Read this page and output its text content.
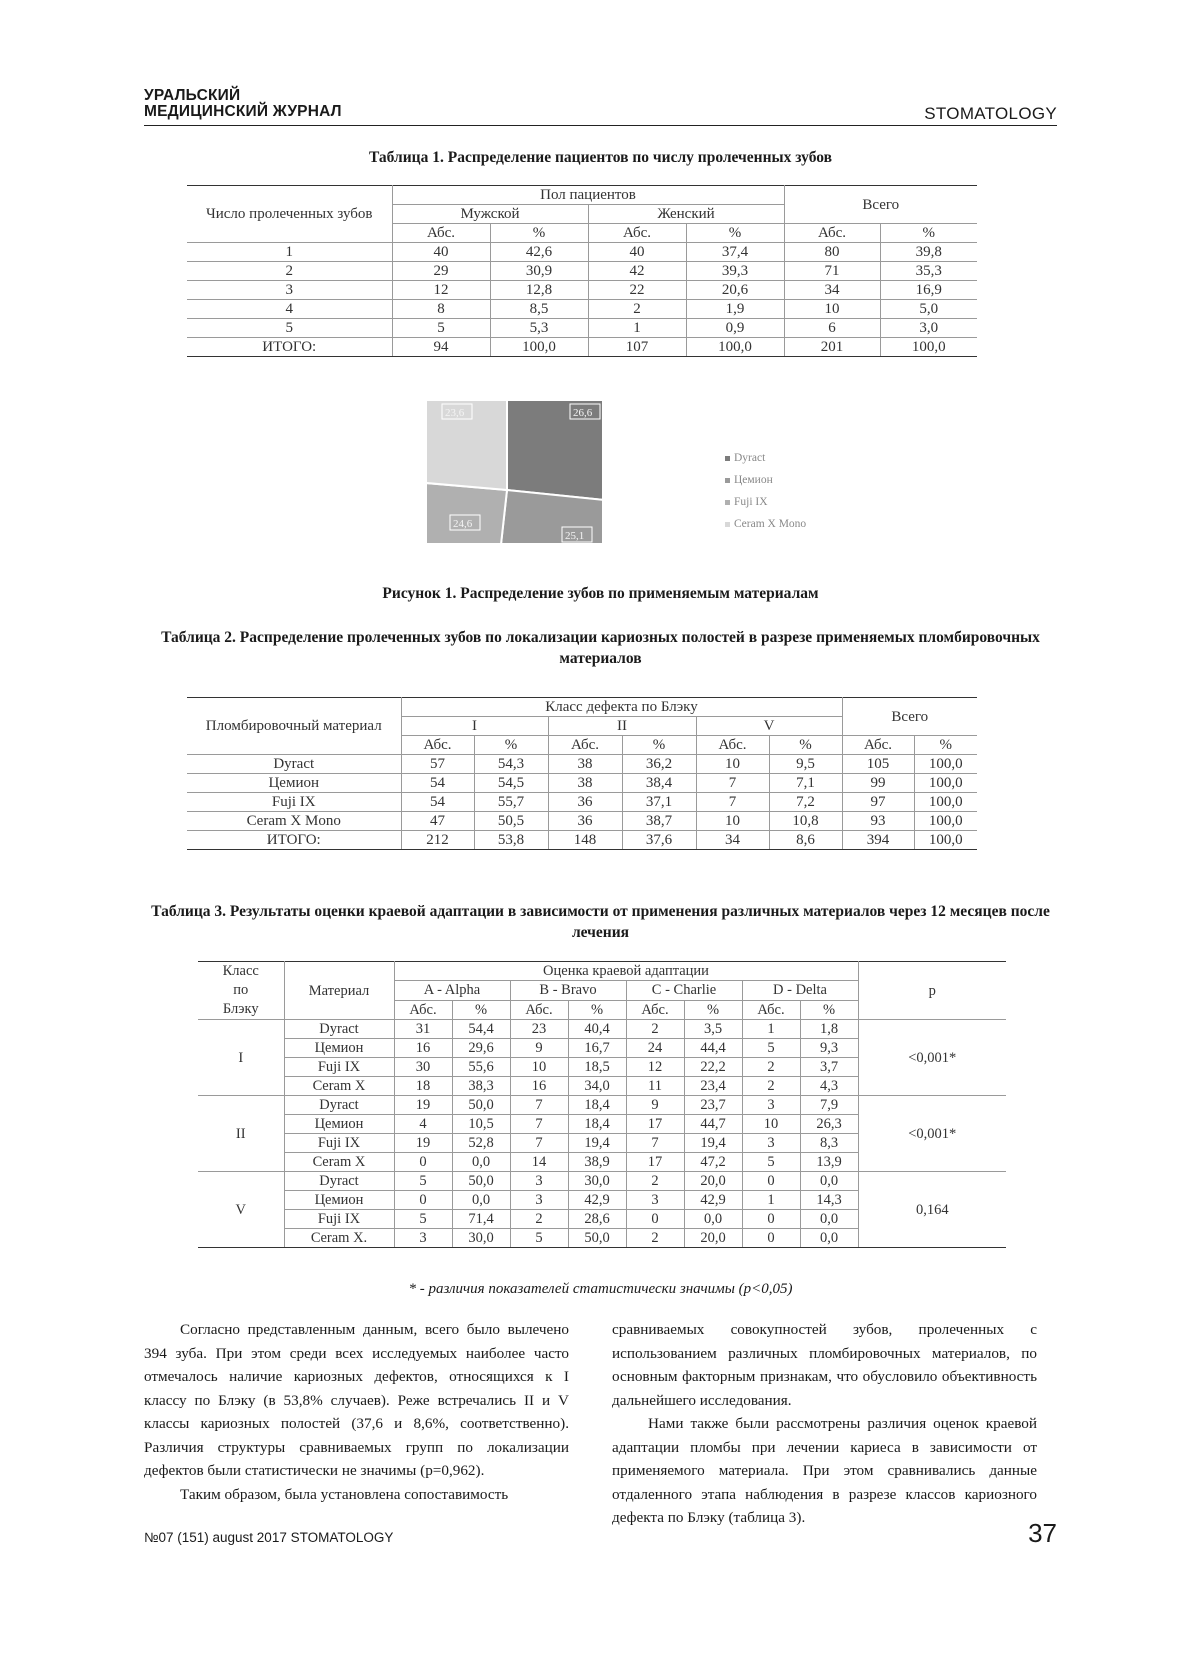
УРАЛЬСКИЙ
МЕДИЦИНСКИЙ ЖУРНАЛ	STOMATOLOGY
Таблица 1. Распределение пациентов по числу пролеченных зубов
Число пролеченных зубов	Пол пациентов				Всего	
	Мужской		Женский			
	Абс.	%	Абс.	%	Абс.	%
1	40	42,6	40	37,4	80	39,8
2	29	30,9	42	39,3	71	35,3
3	12	12,8	22	20,6	34	16,9
4	8	8,5	2	1,9	10	5,0
5	5	5,3	1	0,9	6	3,0
ИТОГО:	94	100,0	107	100,0	201	100,0
26,6
25,1
24,6
23,6
Dyract
Цемион
Fuji IX
Ceram X Mono
Рисунок 1. Распределение зубов по применяемым материалам
Таблица 2. Распределение пролеченных зубов по локализации кариозных полостей в разрезе применяемых пломбировочных материалов
Пломбировочный материал	Класс дефекта по Блэку						Всего	
	I		II		V			
	Абс.	%	Абс.	%	Абс.	%	Абс.	%
Dyract	57	54,3	38	36,2	10	9,5	105	100,0
Цемион	54	54,5	38	38,4	7	7,1	99	100,0
Fuji IX	54	55,7	36	37,1	7	7,2	97	100,0
Ceram X Mono	47	50,5	36	38,7	10	10,8	93	100,0
ИТОГО:	212	53,8	148	37,6	34	8,6	394	100,0
Таблица 3. Результаты оценки краевой адаптации в зависимости от применения различных материалов через 12 месяцев после лечения
Класс
по
Блэку	Материал	Оценка краевой адаптации								p
		A - Alpha		B - Bravo		C - Charlie		D - Delta		
		Абс.	%	Абс.	%	Абс.	%	Абс.	%	
I	Dyract	31	54,4	23	40,4	2	3,5	1	1,8	<0,001*
	Цемион	16	29,6	9	16,7	24	44,4	5	9,3	
	Fuji IX	30	55,6	10	18,5	12	22,2	2	3,7	
	Ceram X	18	38,3	16	34,0	11	23,4	2	4,3	
II	Dyract	19	50,0	7	18,4	9	23,7	3	7,9	<0,001*
	Цемион	4	10,5	7	18,4	17	44,7	10	26,3	
	Fuji IX	19	52,8	7	19,4	7	19,4	3	8,3	
	Ceram X	0	0,0	14	38,9	17	47,2	5	13,9	
V	Dyract	5	50,0	3	30,0	2	20,0	0	0,0	0,164
	Цемион	0	0,0	3	42,9	3	42,9	1	14,3	
	Fuji IX	5	71,4	2	28,6	0	0,0	0	0,0	
	Ceram X.	3	30,0	5	50,0	2	20,0	0	0,0	
* - различия показателей статистически значимы (p<0,05)

Согласно представленным данным, всего было вылечено 394 зуба. При этом среди всех исследуемых наиболее часто отмечалось наличие кариозных дефектов, относящихся к I классу по Блэку (в 53,8% случаев). Реже встречались II и V классы кариозных полостей (37,6 и 8,6%, соответственно). Различия структуры сравниваемых групп по локализации дефектов были статистически не значимы (р=0,962).

Таким образом, была установлена сопоставимость

сравниваемых совокупностей зубов, пролеченных с использованием различных пломбировочных материалов, по основным факторным признакам, что обусловило объективность дальнейшего исследования.

Нами также были рассмотрены различия оценок краевой адаптации пломбы при лечении кариеса в зависимости от применяемого материала. При этом сравнивались данные отдаленного этапа наблюдения в разрезе классов кариозного дефекта по Блэку (таблица 3).

№07 (151) august 2017 STOMATOLOGY	37
